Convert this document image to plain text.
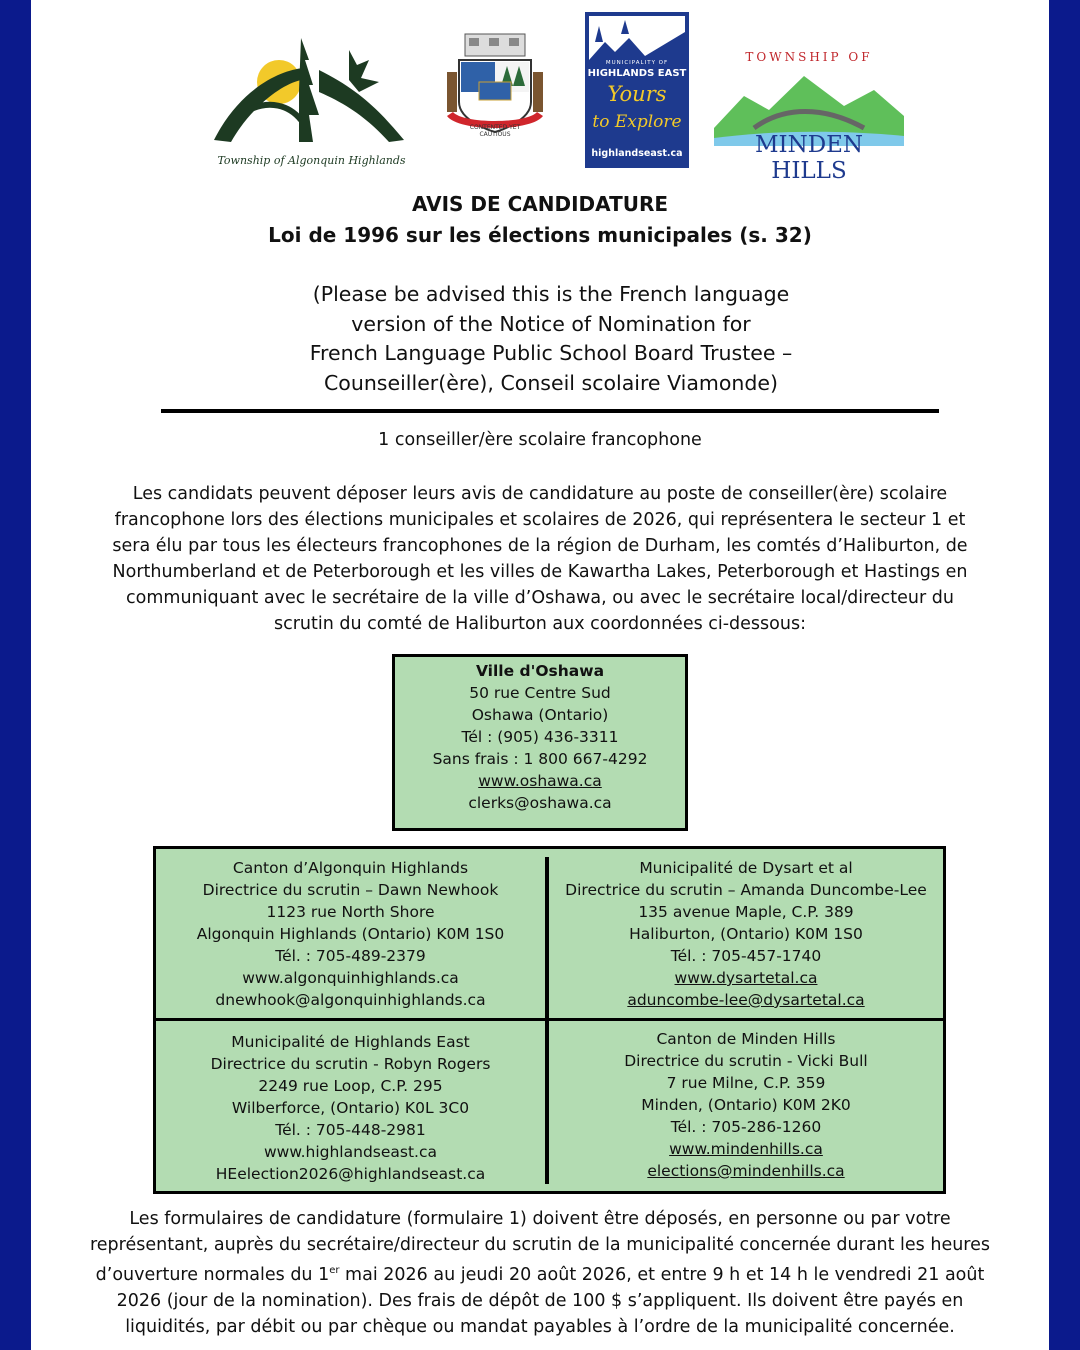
Township of Algonquin Highlands
CONTENTED YET CAUTIOUS
MUNICIPALITY OF
HIGHLANDS EAST
Yours
to Explore
highlandseast.ca
TOWNSHIP OF
MINDEN HILLS
AVIS DE CANDIDATURE
Loi de 1996 sur les élections municipales (s. 32)
(Please be advised this is the French language
version of the Notice of Nomination for
French Language Public School Board Trustee –
Counseiller(ère), Conseil scolaire Viamonde)
1 conseiller/ère scolaire francophone
Les candidats peuvent déposer leurs avis de candidature au poste de conseiller(ère) scolaire
francophone lors des élections municipales et scolaires de 2026, qui représentera le secteur 1 et
sera élu par tous les électeurs francophones de la région de Durham, les comtés d’Haliburton, de
Northumberland et de Peterborough et les villes de Kawartha Lakes, Peterborough et Hastings en
communiquant avec le secrétaire de la ville d’Oshawa, ou avec le secrétaire local/directeur du
scrutin du comté de Haliburton aux coordonnées ci-dessous:
Ville d'Oshawa
50 rue Centre Sud
Oshawa (Ontario)
Tél : (905) 436-3311
Sans frais : 1 800 667-4292
www.oshawa.ca
clerks@oshawa.ca
Canton d’Algonquin Highlands
Directrice du scrutin – Dawn Newhook
1123 rue North Shore
Algonquin Highlands (Ontario) K0M 1S0
Tél. : 705-489-2379
www.algonquinhighlands.ca
dnewhook@algonquinhighlands.ca
Municipalité de Dysart et al
Directrice du scrutin – Amanda Duncombe-Lee
135 avenue Maple, C.P. 389
Haliburton, (Ontario) K0M 1S0
Tél. : 705-457-1740
www.dysartetal.ca
aduncombe-lee@dysartetal.ca
Municipalité de Highlands East
Directrice du scrutin - Robyn Rogers
2249 rue Loop, C.P. 295
Wilberforce, (Ontario) K0L 3C0
Tél. : 705-448-2981
www.highlandseast.ca
HEelection2026@highlandseast.ca
Canton de Minden Hills
Directrice du scrutin - Vicki Bull
7 rue Milne, C.P. 359
Minden, (Ontario) K0M 2K0
Tél. : 705-286-1260
www.mindenhills.ca
elections@mindenhills.ca
Les formulaires de candidature (formulaire 1) doivent être déposés, en personne ou par votre
représentant, auprès du secrétaire/directeur du scrutin de la municipalité concernée durant les heures
d’ouverture normales du 1er mai 2026 au jeudi 20 août 2026, et entre 9 h et 14 h le vendredi 21 août
2026 (jour de la nomination). Des frais de dépôt de 100 $ s’appliquent. Ils doivent être payés en
liquidités, par débit ou par chèque ou mandat payables à l’ordre de la municipalité concernée.
